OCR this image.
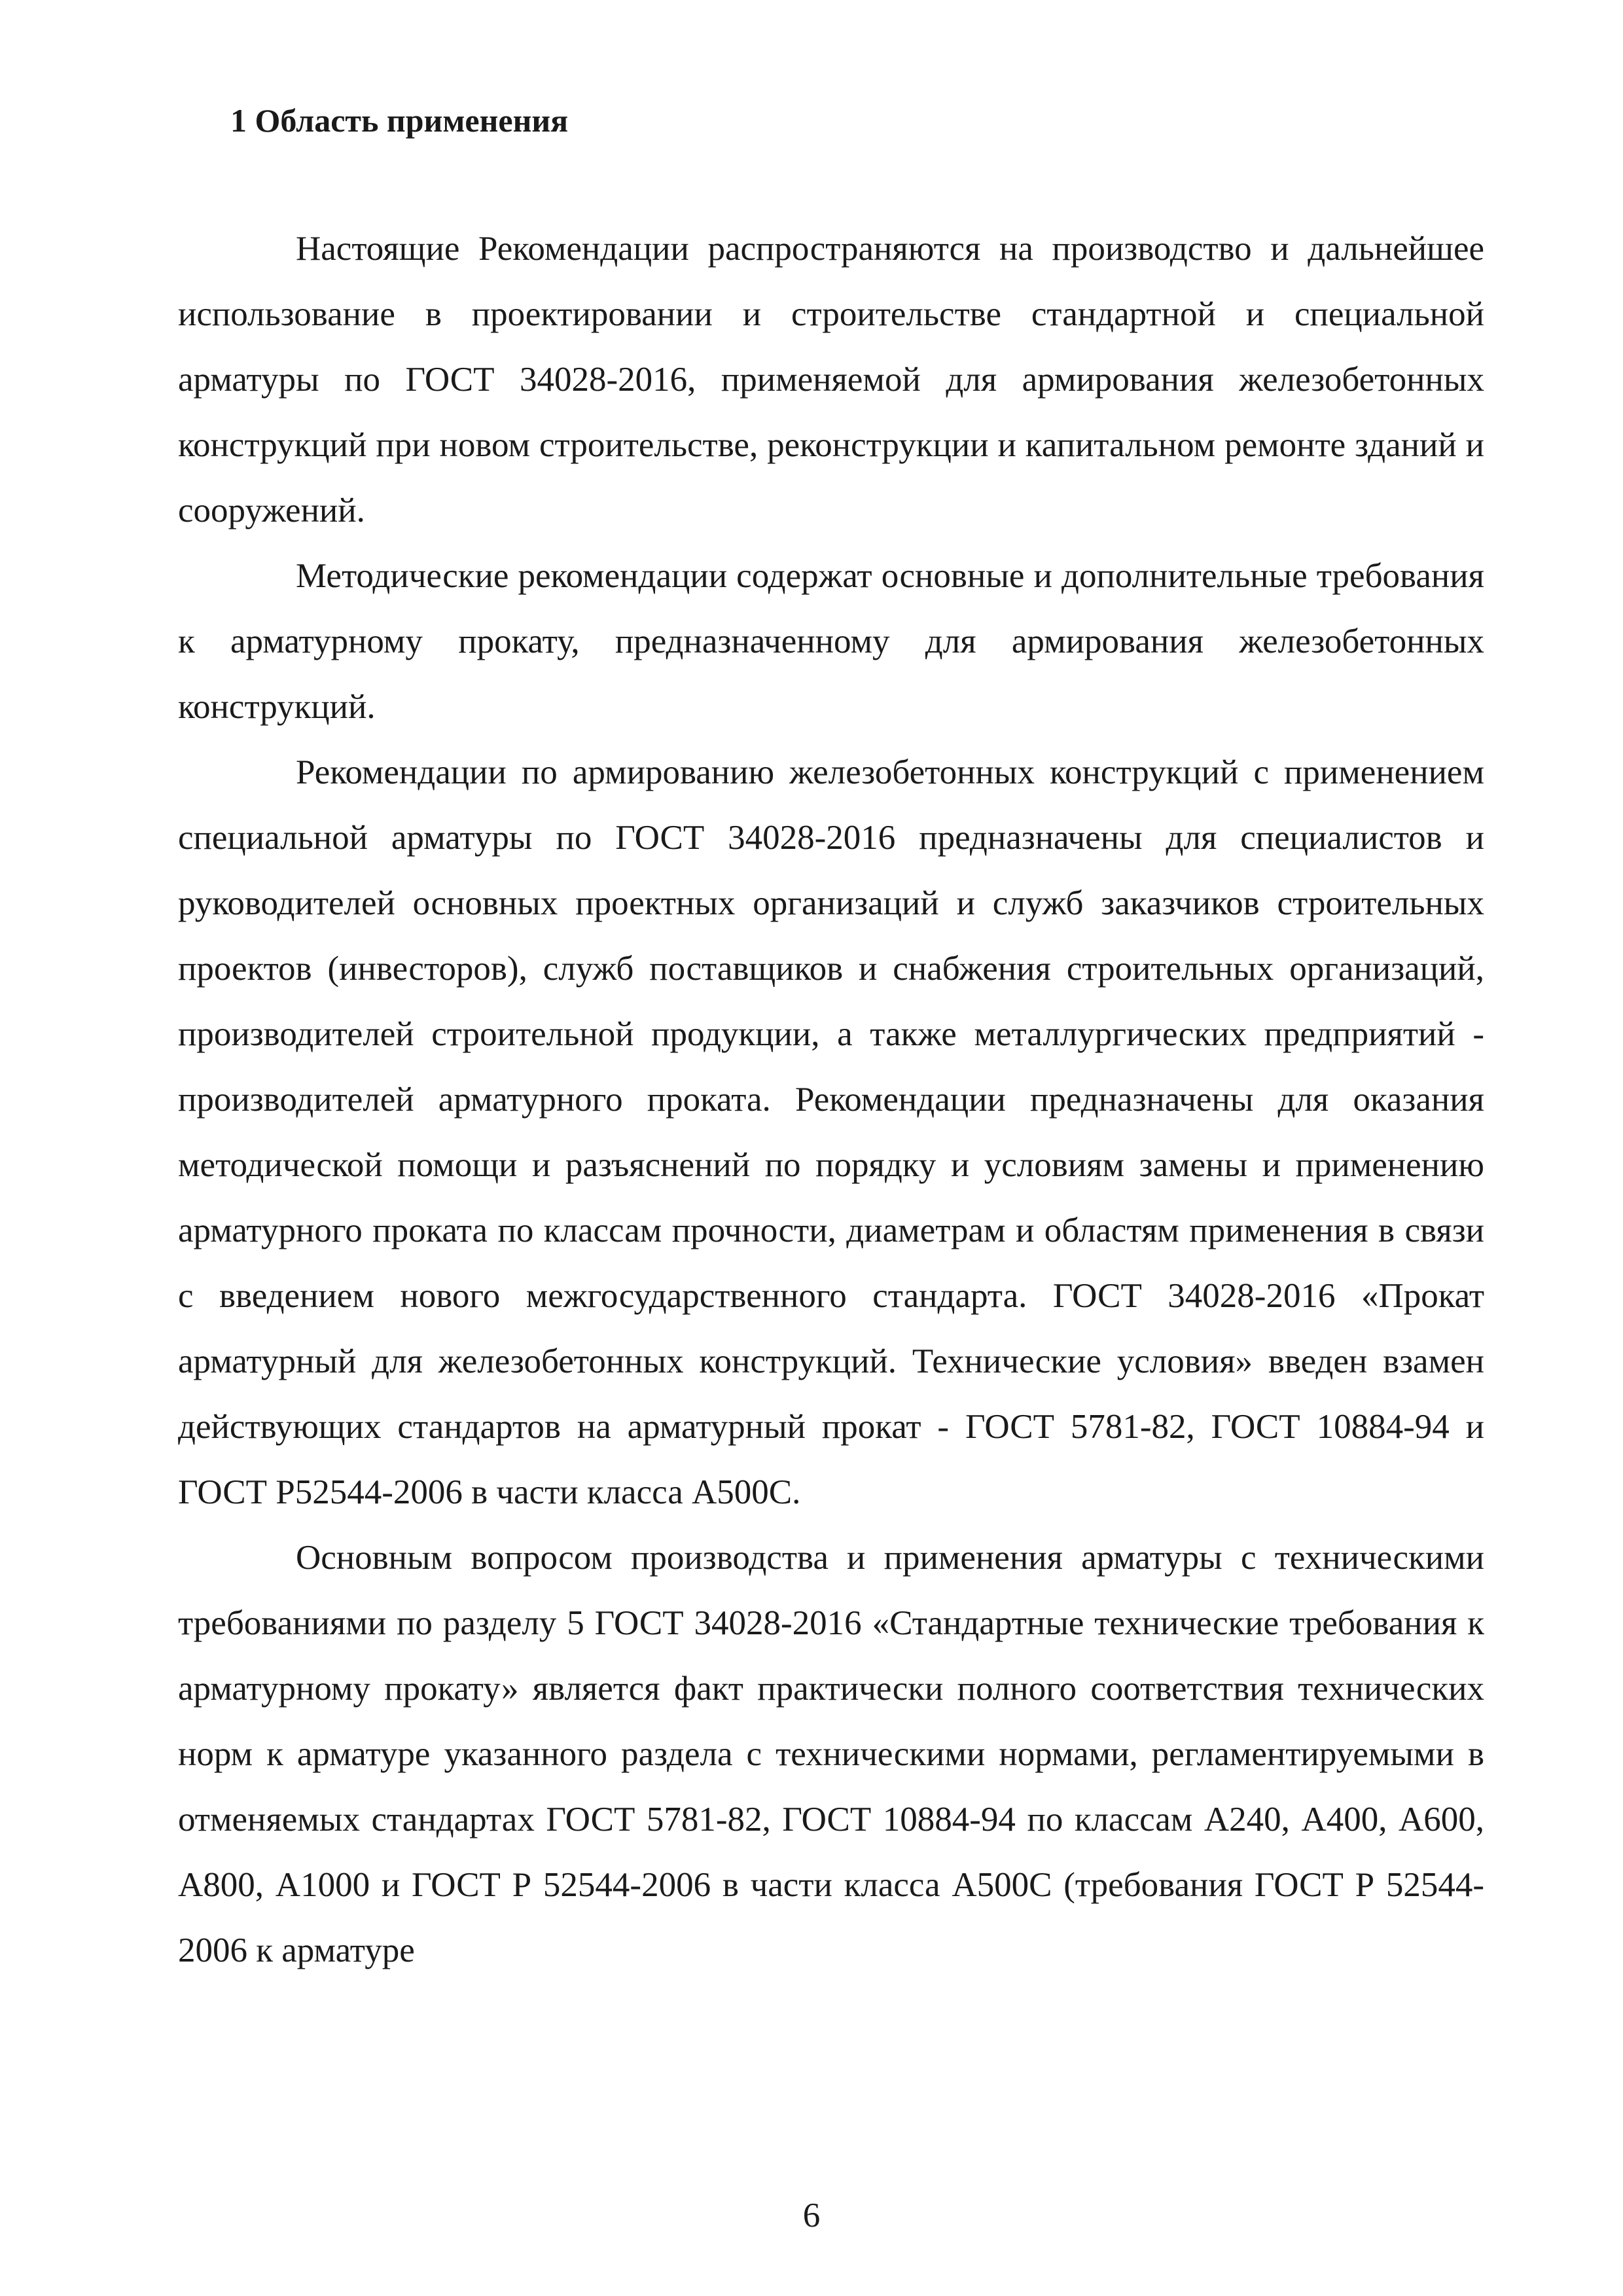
1 Область применения

Настоящие Рекомендации распространяются на производство и дальнейшее использование в проектировании и строительстве стандартной и специальной арматуры по ГОСТ 34028-2016, применяемой для армирования железобетонных конструкций при новом строительстве, реконструкции и капитальном ремонте зданий и сооружений.

Методические рекомендации содержат основные и дополнительные требования к арматурному прокату, предназначенному для армирования железобетонных конструкций.

Рекомендации по армированию железобетонных конструкций с применением специальной арматуры по ГОСТ 34028-2016 предназначены для специалистов и руководителей основных проектных организаций и служб заказчиков строительных проектов (инвесторов), служб поставщиков и снабжения строительных организаций, производителей строительной продукции, а также металлургических предприятий - производителей арматурного проката. Рекомендации предназначены для оказания методической помощи и разъяснений по порядку и условиям замены и применению арматурного проката по классам прочности, диаметрам и областям применения в связи с введением нового межгосударственного стандарта. ГОСТ 34028-2016 «Прокат арматурный для железобетонных конструкций. Технические условия» введен взамен действующих стандартов на арматурный прокат - ГОСТ 5781-82, ГОСТ 10884-94 и ГОСТ Р52544-2006 в части класса А500С.

Основным вопросом производства и применения арматуры с техническими требованиями по разделу 5 ГОСТ 34028-2016 «Стандартные технические требования к арматурному прокату» является факт практически полного соответствия технических норм к арматуре указанного раздела с техническими нормами, регламентируемыми в отменяемых стандартах ГОСТ 5781-82, ГОСТ 10884-94 по классам А240, А400, А600, А800, А1000 и ГОСТ Р 52544-2006 в части класса А500С (требования ГОСТ Р 52544-2006 к арматуре

6
